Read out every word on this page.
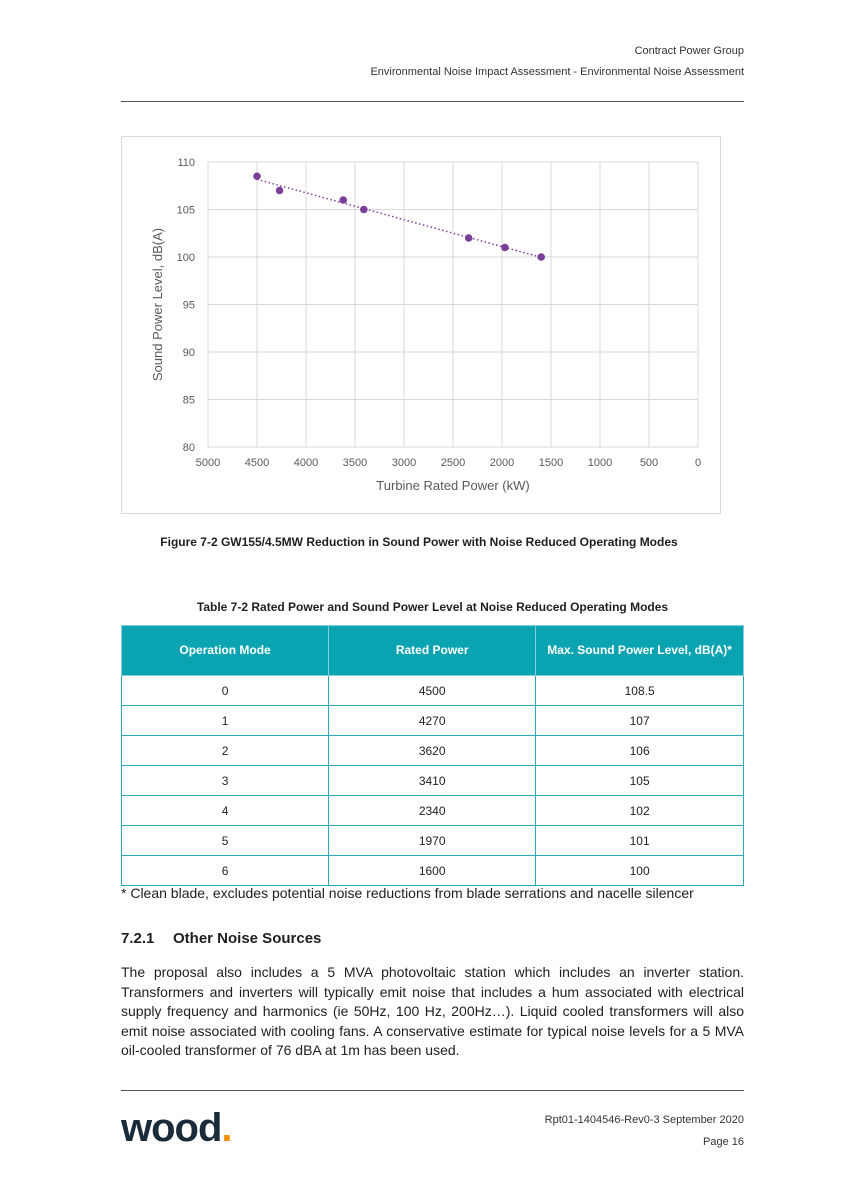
Contract Power Group
Environmental Noise Impact Assessment - Environmental Noise Assessment
80
85
90
95
100
105
110
5000 4500 4000 3500 3000 2500 2000 1500 1000	500	0
Turbine Rated Power (kW)
Sound Power Level, dB(A)
Figure 7-2 GW155/4.5MW Reduction in Sound Power with Noise Reduced Operating Modes
Table 7-2 Rated Power and Sound Power Level at Noise Reduced Operating Modes
Operation Mode	Rated Power	Max. Sound Power Level, dB(A)*
0	4500	108.5
1	4270	107
2	3620	106
3	3410	105
4	2340	102
5	1970	101
6	1600	100
* Clean blade, excludes potential noise reductions from blade serrations and nacelle silencer
7.2.1 Other Noise Sources
The proposal also includes a 5 MVA photovoltaic station which includes an inverter station. Transformers and inverters will typically emit noise that includes a hum associated with electrical supply frequency and harmonics (ie 50Hz, 100 Hz, 200Hz…). Liquid cooled transformers will also emit noise associated with cooling fans. A conservative estimate for typical noise levels for a 5 MVA oil-cooled transformer of 76 dBA at 1m has been used.
wood.	Rpt01-1404546-Rev0-3 September 2020
Page 16
